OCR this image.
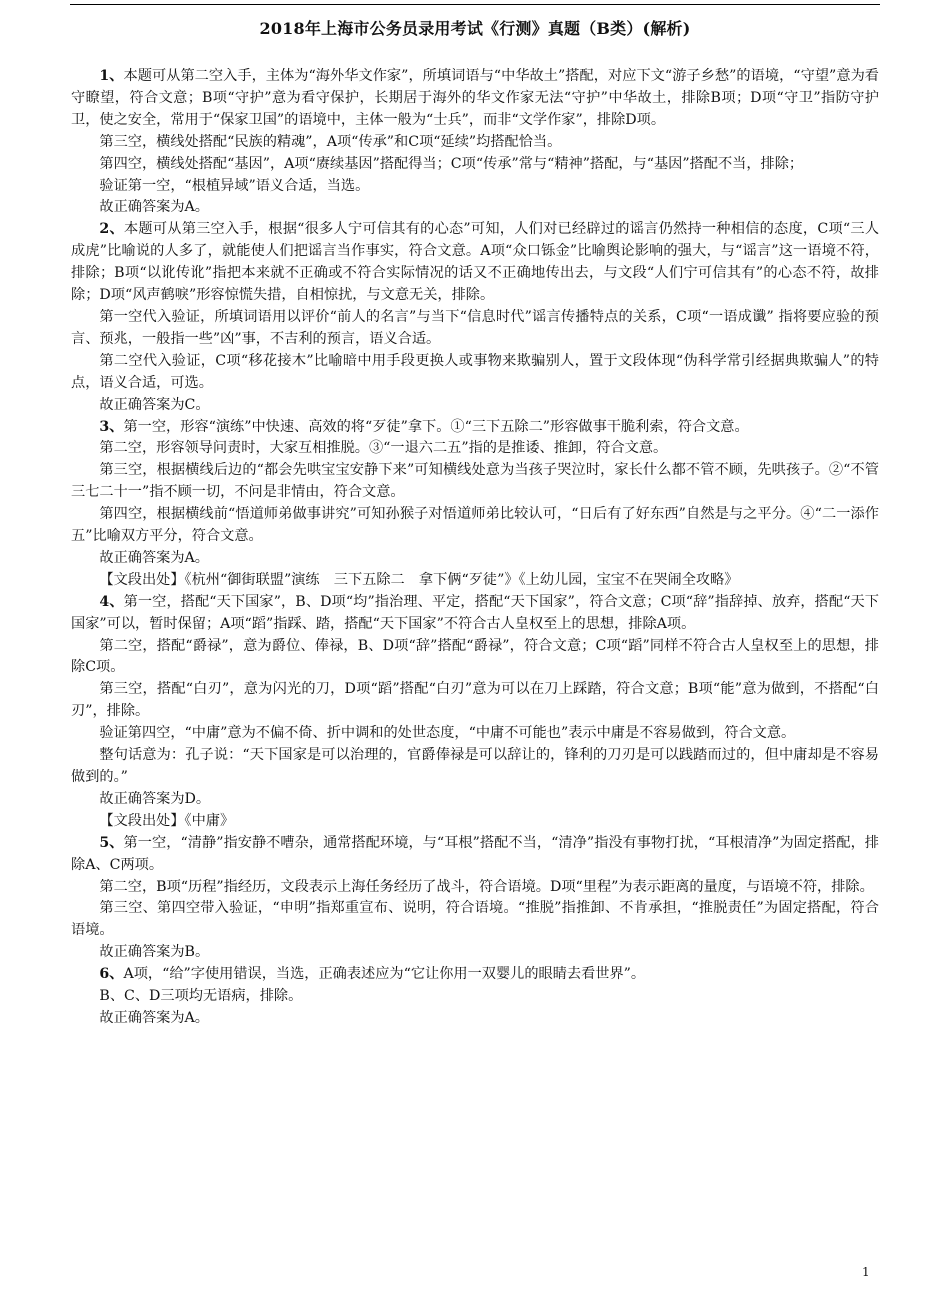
2018年上海市公务员录用考试《行测》真题（B类）(解析)

1、本题可从第二空入手，主体为“海外华文作家”，所填词语与“中华故土”搭配，对应下文“游子乡愁”的语境，“守望”意为看守瞭望，符合文意；B项“守护”意为看守保护，长期居于海外的华文作家无法“守护”中华故土，排除B项；D项“守卫”指防守护卫，使之安全，常用于“保家卫国”的语境中，主体一般为“士兵”，而非“文学作家”，排除D项。

第三空，横线处搭配“民族的精魂”，A项“传承”和C项“延续”均搭配恰当。

第四空，横线处搭配“基因”，A项“赓续基因”搭配得当；C项“传承”常与“精神”搭配，与“基因”搭配不当，排除；

验证第一空，“根植异域”语义合适，当选。

故正确答案为A。

2、本题可从第三空入手，根据“很多人宁可信其有的心态”可知，人们对已经辟过的谣言仍然持一种相信的态度，C项“三人成虎”比喻说的人多了，就能使人们把谣言当作事实，符合文意。A项“众口铄金”比喻舆论影响的强大，与“谣言”这一语境不符，排除；B项“以讹传讹”指把本来就不正确或不符合实际情况的话又不正确地传出去，与文段“人们宁可信其有”的心态不符，故排除；D项“风声鹤唳”形容惊慌失措，自相惊扰，与文意无关，排除。

第一空代入验证，所填词语用以评价“前人的名言”与当下“信息时代”谣言传播特点的关系，C项“一语成谶” 指将要应验的预言、预兆，一般指一些”凶”事，不吉利的预言，语义合适。

第二空代入验证，C项“移花接木”比喻暗中用手段更换人或事物来欺骗别人，置于文段体现“伪科学常引经据典欺骗人”的特点，语义合适，可选。

故正确答案为C。

3、第一空，形容“演练”中快速、高效的将“歹徒”拿下。①“三下五除二”形容做事干脆利索，符合文意。

第二空，形容领导问责时，大家互相推脱。③“一退六二五”指的是推诿、推卸，符合文意。

第三空，根据横线后边的“都会先哄宝宝安静下来”可知横线处意为当孩子哭泣时，家长什么都不管不顾，先哄孩子。②“不管三七二十一”指不顾一切，不问是非情由，符合文意。

第四空，根据横线前“悟道师弟做事讲究”可知孙猴子对悟道师弟比较认可，“日后有了好东西”自然是与之平分。④“二一添作五”比喻双方平分，符合文意。

故正确答案为A。

【文段出处】《杭州“御街联盟”演练　三下五除二　拿下俩“歹徒”》《上幼儿园，宝宝不在哭闹全攻略》

4、第一空，搭配“天下国家”，B、D项“均”指治理、平定，搭配“天下国家”，符合文意；C项“辞”指辞掉、放弃，搭配“天下国家”可以，暂时保留；A项“蹈”指踩、踏，搭配“天下国家”不符合古人皇权至上的思想，排除A项。

第二空，搭配“爵禄”，意为爵位、俸禄，B、D项“辞”搭配“爵禄”，符合文意；C项“蹈”同样不符合古人皇权至上的思想，排除C项。

第三空，搭配“白刃”，意为闪光的刀，D项“蹈”搭配“白刃”意为可以在刀上踩踏，符合文意；B项“能”意为做到，不搭配“白刃”，排除。

验证第四空，“中庸”意为不偏不倚、折中调和的处世态度，“中庸不可能也”表示中庸是不容易做到，符合文意。

整句话意为：孔子说：“天下国家是可以治理的，官爵俸禄是可以辞让的，锋利的刀刃是可以践踏而过的，但中庸却是不容易做到的。”

故正确答案为D。

【文段出处】《中庸》

5、第一空，“清静”指安静不嘈杂，通常搭配环境，与“耳根”搭配不当，“清净”指没有事物打扰，“耳根清净”为固定搭配，排除A、C两项。

第二空，B项“历程”指经历，文段表示上海任务经历了战斗，符合语境。D项“里程”为表示距离的量度，与语境不符，排除。

第三空、第四空带入验证，“申明”指郑重宣布、说明，符合语境。“推脱”指推卸、不肯承担，“推脱责任”为固定搭配，符合语境。

故正确答案为B。

6、A项，“给”字使用错误，当选，正确表述应为“它让你用一双婴儿的眼睛去看世界”。

B、C、D三项均无语病，排除。

故正确答案为A。

1
